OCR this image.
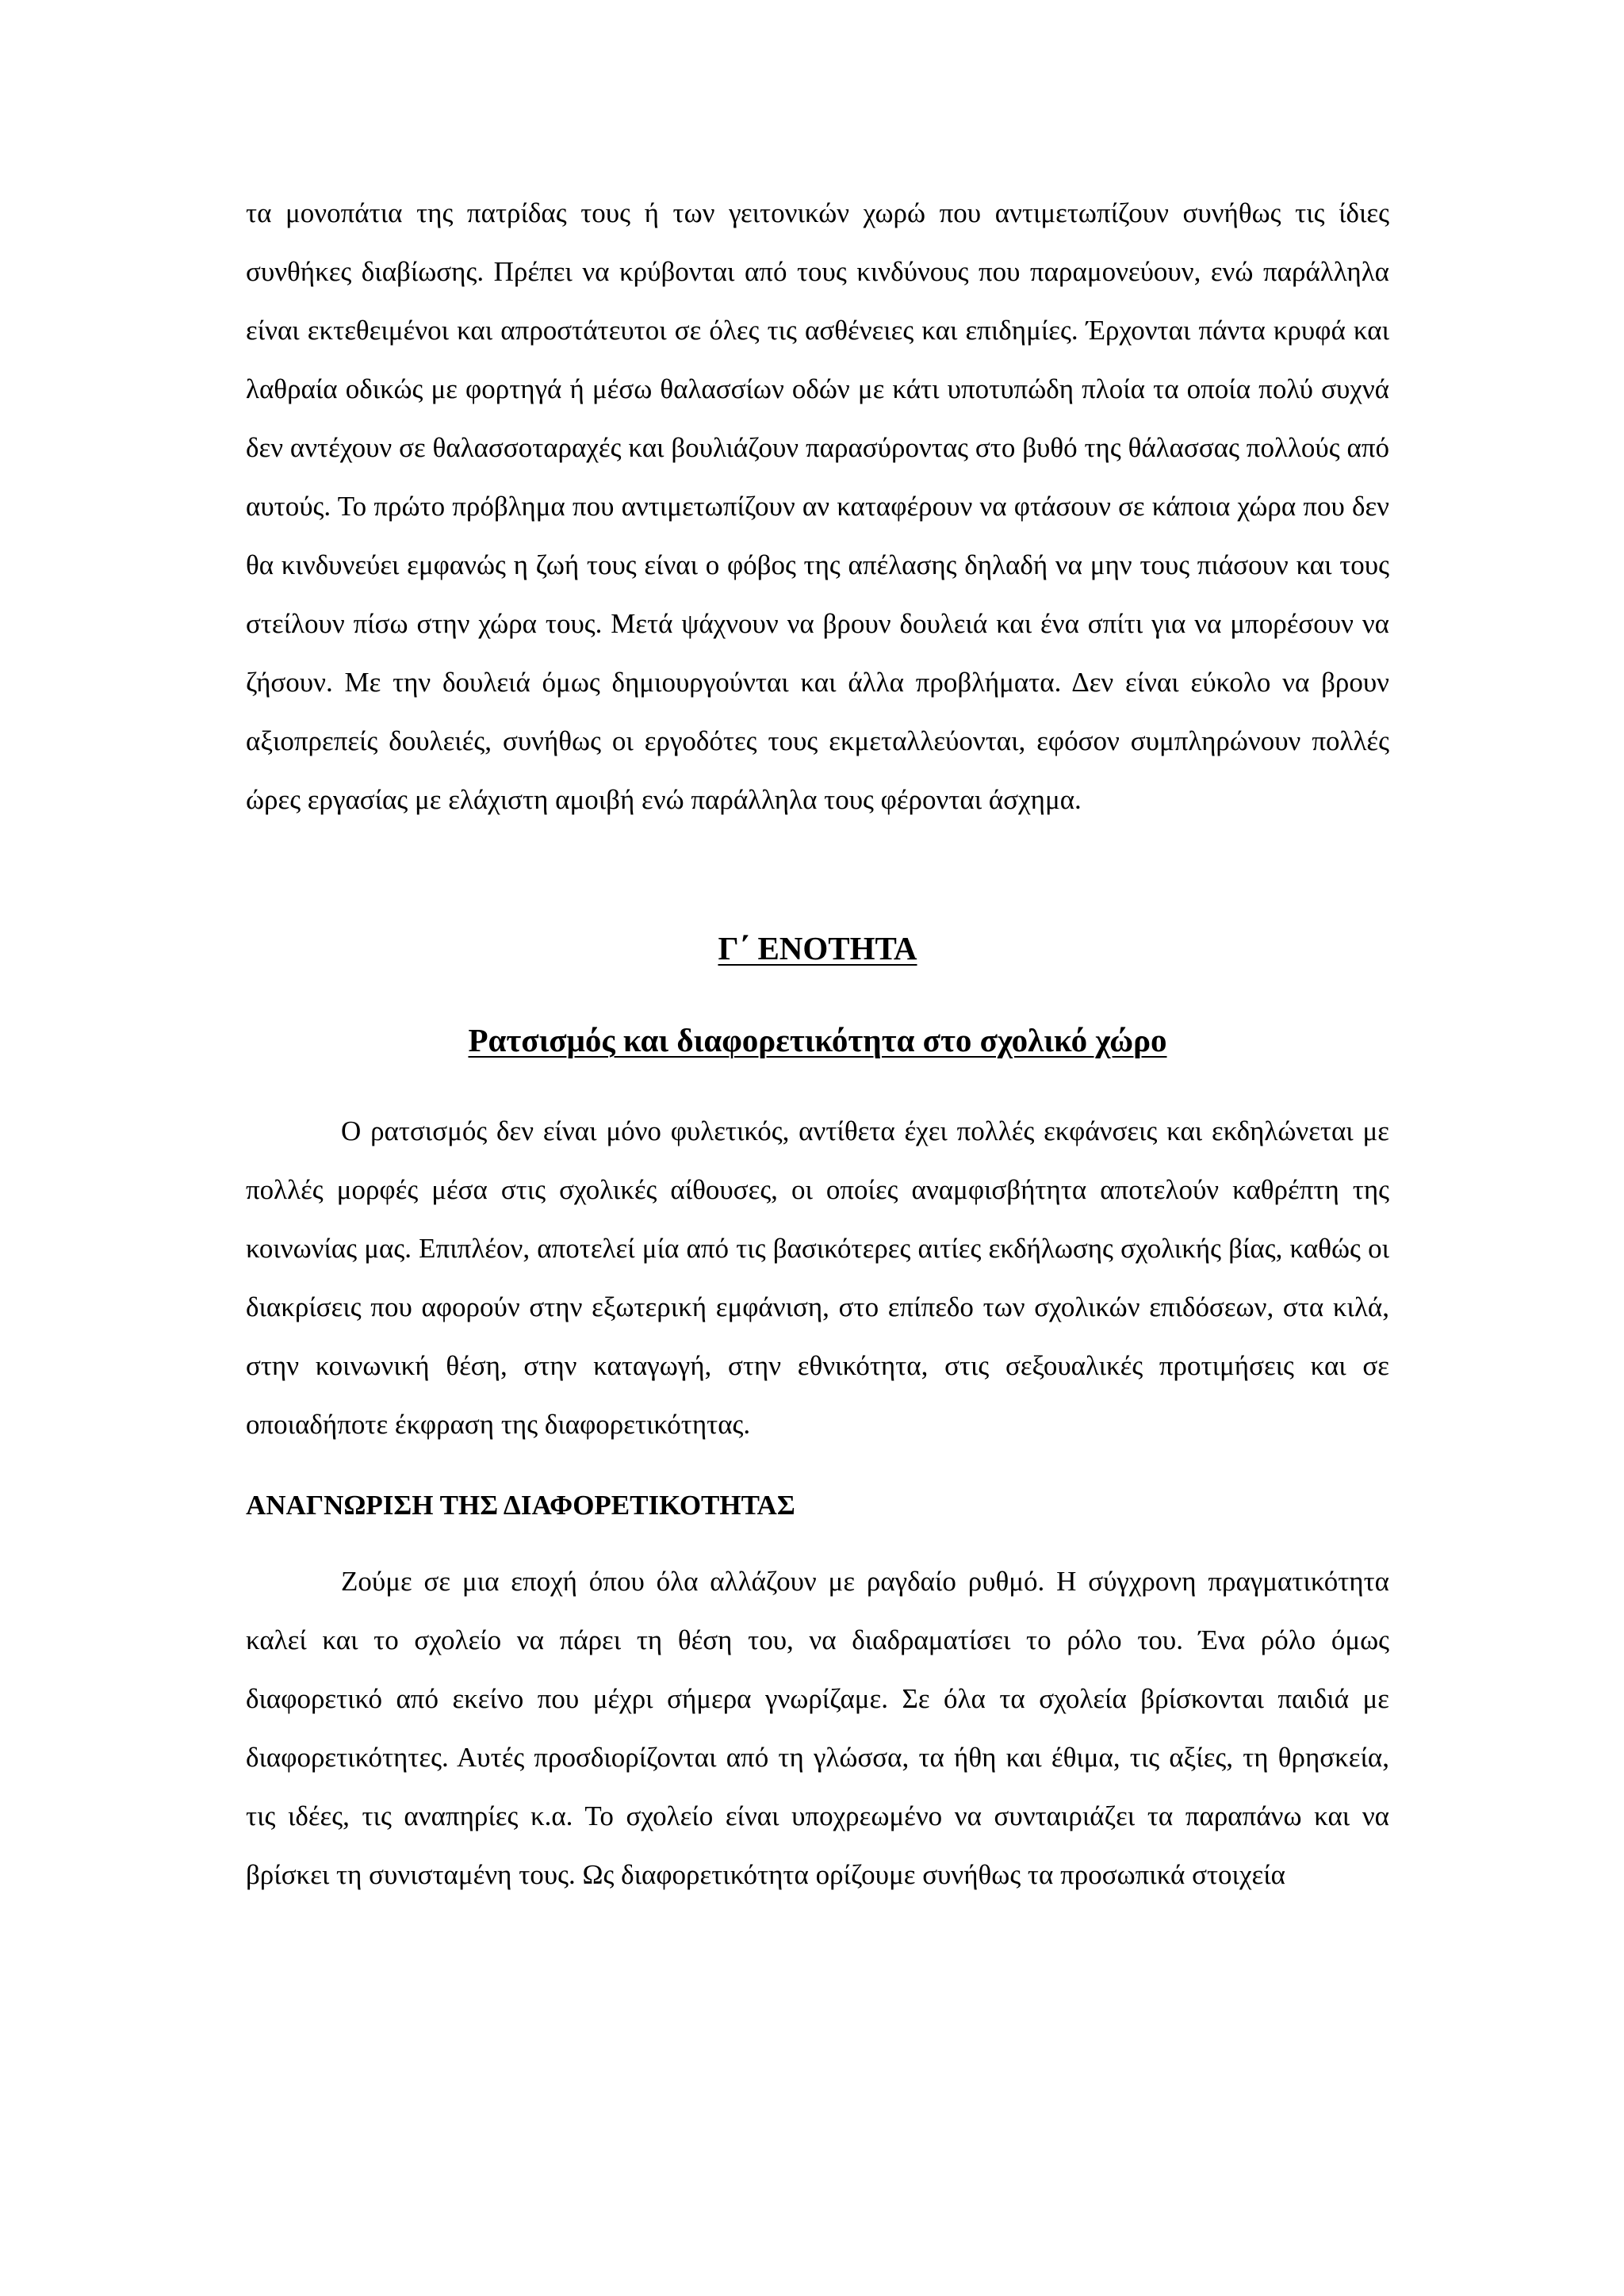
τα μονοπάτια της πατρίδας τους ή των γειτονικών χωρώ που αντιμετωπίζουν συνήθως τις ίδιες συνθήκες διαβίωσης. Πρέπει να κρύβονται από τους κινδύνους που παραμονεύουν, ενώ παράλληλα είναι εκτεθειμένοι και απροστάτευτοι σε όλες τις ασθένειες και επιδημίες. Έρχονται πάντα κρυφά και λαθραία οδικώς με φορτηγά ή μέσω θαλασσίων οδών με κάτι υποτυπώδη πλοία τα οποία πολύ συχνά δεν αντέχουν σε θαλασσοταραχές και βουλιάζουν παρασύροντας στο βυθό της θάλασσας πολλούς από αυτούς. Το πρώτο πρόβλημα που αντιμετωπίζουν αν καταφέρουν να φτάσουν σε κάποια χώρα που δεν θα κινδυνεύει εμφανώς η ζωή τους είναι ο φόβος της απέλασης δηλαδή να μην τους πιάσουν και τους στείλουν πίσω στην χώρα τους. Μετά ψάχνουν να βρουν δουλειά και ένα σπίτι για να μπορέσουν να ζήσουν. Με την δουλειά όμως δημιουργούνται και άλλα προβλήματα. Δεν είναι εύκολο να βρουν αξιοπρεπείς δουλειές, συνήθως οι εργοδότες τους εκμεταλλεύονται, εφόσον συμπληρώνουν πολλές ώρες εργασίας με ελάχιστη αμοιβή ενώ παράλληλα τους φέρονται άσχημα.

Γ΄ ΕΝΟΤΗΤΑ
Ρατσισμός και διαφορετικότητα στο σχολικό χώρο

Ο ρατσισμός δεν είναι μόνο φυλετικός, αντίθετα έχει πολλές εκφάνσεις και εκδηλώνεται με πολλές μορφές μέσα στις σχολικές αίθουσες, οι οποίες αναμφισβήτητα αποτελούν καθρέπτη της κοινωνίας μας. Επιπλέον, αποτελεί μία από τις βασικότερες αιτίες εκδήλωσης σχολικής βίας, καθώς οι διακρίσεις που αφορούν στην εξωτερική εμφάνιση, στο επίπεδο των σχολικών επιδόσεων, στα κιλά, στην κοινωνική θέση, στην καταγωγή, στην εθνικότητα, στις σεξουαλικές προτιμήσεις και σε οποιαδήποτε έκφραση της διαφορετικότητας.

ΑΝΑΓΝΩΡΙΣΗ ΤΗΣ ΔΙΑΦΟΡΕΤΙΚΟΤΗΤΑΣ

Ζούμε σε μια εποχή όπου όλα αλλάζουν με ραγδαίο ρυθμό. Η σύγχρονη πραγματικότητα καλεί και το σχολείο να πάρει τη θέση του, να διαδραματίσει το ρόλο του. Ένα ρόλο όμως διαφορετικό από εκείνο που μέχρι σήμερα γνωρίζαμε. Σε όλα τα σχολεία βρίσκονται παιδιά με διαφορετικότητες. Αυτές προσδιορίζονται από τη γλώσσα, τα ήθη και έθιμα, τις αξίες, τη θρησκεία, τις ιδέες, τις αναπηρίες κ.α. Το σχολείο είναι υποχρεωμένο να συνταιριάζει τα παραπάνω και να βρίσκει τη συνισταμένη τους. Ως διαφορετικότητα ορίζουμε συνήθως τα προσωπικά στοιχεία
